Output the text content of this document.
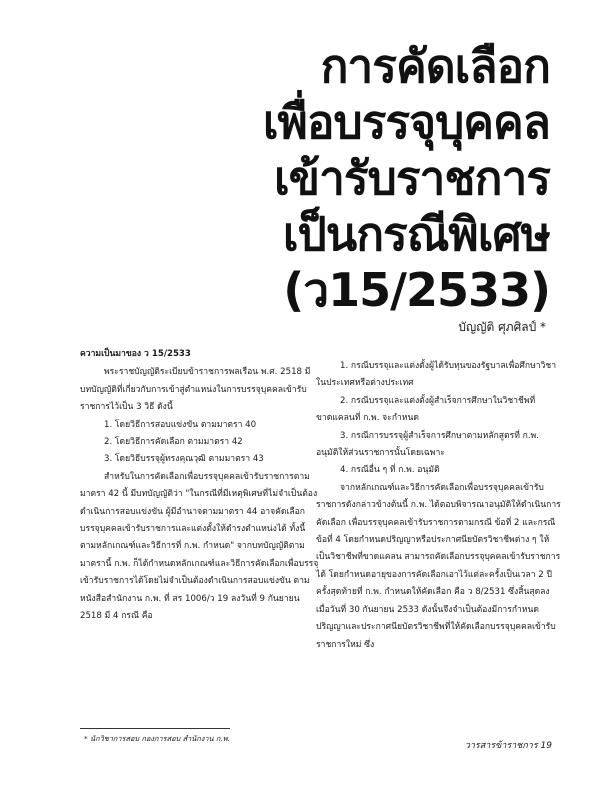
การคัดเลือก
เพื่อบรรจุบุคคล
เข้ารับราชการ
เป็นกรณีพิเศษ
(ว15/2533)
บัญญัติ ศุภศิลป์ *

ความเป็นมาของ ว 15/2533

พระราชบัญญัติระเบียบข้าราชการพลเรือน พ.ศ. 2518 มีบทบัญญัติที่เกี่ยวกับการเข้าสู่ตำแหน่งในการบรรจุบุคคลเข้ารับราชการไว้เป็น 3 วิธี ดังนี้

1. โดยวิธีการสอบแข่งขัน ตามมาตรา 40

2. โดยวิธีการคัดเลือก ตามมาตรา 42

3. โดยวิธีบรรจุผู้ทรงคุณวุฒิ ตามมาตรา 43

สำหรับในการคัดเลือกเพื่อบรรจุบุคคลเข้ารับราชการตามมาตรา 42 นี้ มีบทบัญญัติว่า "ในกรณีที่มีเหตุพิเศษที่ไม่จำเป็นต้องดำเนินการสอบแข่งขัน ผู้มีอำนาจตามมาตรา 44 อาจคัดเลือกบรรจุบุคคลเข้ารับราชการและแต่งตั้งให้ดำรงตำแหน่งได้ ทั้งนี้ตามหลักเกณฑ์และวิธีการที่ ก.พ. กำหนด" จากบทบัญญัติตามมาตรานี้ ก.พ. ก็ได้กำหนดหลักเกณฑ์และวิธีการคัดเลือกเพื่อบรรจุเข้ารับราชการได้โดยไม่จำเป็นต้องดำเนินการสอบแข่งขัน ตามหนังสือสำนักงาน ก.พ. ที่ สร 1006/ว 19 ลงวันที่ 9 กันยายน 2518 มี 4 กรณี คือ

1. กรณีบรรจุและแต่งตั้งผู้ได้รับทุนของรัฐบาลเพื่อศึกษาวิชาในประเทศหรือต่างประเทศ

2. กรณีบรรจุและแต่งตั้งผู้สำเร็จการศึกษาในวิชาชีพที่ขาดแคลนที่ ก.พ. จะกำหนด

3. กรณีการบรรจุผู้สำเร็จการศึกษาตามหลักสูตรที่ ก.พ. อนุมัติให้ส่วนราชการนั้นโดยเฉพาะ

4. กรณีอื่น ๆ ที่ ก.พ. อนุมัติ

จากหลักเกณฑ์และวิธีการคัดเลือกเพื่อบรรจุบุคคลเข้ารับราชการดังกล่าวข้างต้นนี้ ก.พ. ได้ตอบพิจารณาอนุมัติให้ดำเนินการคัดเลือก เพื่อบรรจุบุคคลเข้ารับราชการตามกรณี ข้อที่ 2 และกรณีข้อที่ 4 โดยกำหนดปริญญาหรือประกาศนียบัตรวิชาชีพต่าง ๆ ให้เป็นวิชาชีพที่ขาดแคลน สามารถคัดเลือกบรรจุบุคคลเข้ารับราชการได้ โดยกำหนดอายุของการคัดเลือกเอาไว้แต่ละครั้งเป็นเวลา 2 ปี ครั้งสุดท้ายที่ ก.พ. กำหนดให้คัดเลือก คือ ว 8/2531 ซึ่งสิ้นสุดลง เมื่อวันที่ 30 กันยายน 2533 ดังนั้นจึงจำเป็นต้องมีการกำหนดปริญญาและประกาศนียบัตรวิชาชีพที่ให้คัดเลือกบรรจุบุคคลเข้ารับราชการใหม่ ซึ่ง

* นักวิชาการสอบ กองการสอบ สำนักงาน ก.พ.
วารสารข้าราชการ 19
